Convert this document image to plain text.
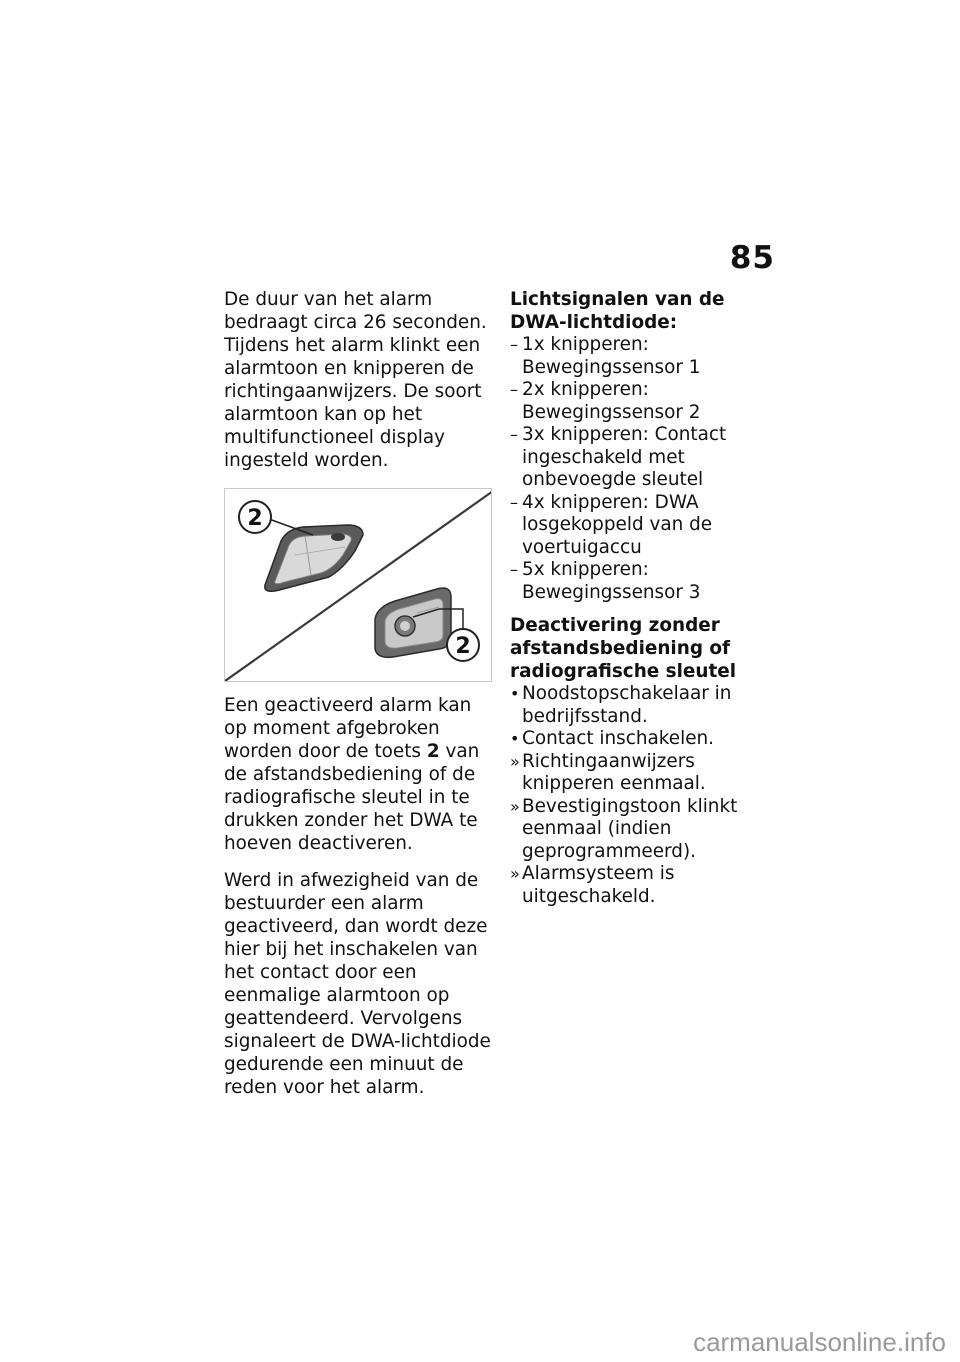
85

De duur van het alarm bedraagt circa 26 seconden. Tijdens het alarm klinkt een alarmtoon en knipperen de richtingaanwijzers. De soort alarmtoon kan op het multifunctioneel display ingesteld worden.

2
2

Een geactiveerd alarm kan op moment afgebroken worden door de toets 2 van de afstandsbediening of de radiografische sleutel in te drukken zonder het DWA te hoeven deactiveren.

Werd in afwezigheid van de bestuurder een alarm geactiveerd, dan wordt deze hier bij het inschakelen van het contact door een eenmalige alarmtoon op geattendeerd. Vervolgens signaleert de DWA-lichtdiode gedurende een minuut de reden voor het alarm.

Lichtsignalen van de DWA-lichtdiode:
– 1x knipperen: Bewegingssensor 1
– 2x knipperen: Bewegingssensor 2
– 3x knipperen: Contact ingeschakeld met onbevoegde sleutel
– 4x knipperen: DWA losgekoppeld van de voertuigaccu
– 5x knipperen: Bewegingssensor 3
Deactivering zonder afstandsbediening of radiografische sleutel
• Noodstopschakelaar in bedrijfsstand.
• Contact inschakelen.
» Richtingaanwijzers knipperen eenmaal.
» Bevestigingstoon klinkt eenmaal (indien geprogrammeerd).
» Alarmsysteem is uitgeschakeld.
carmanualsonline.info
